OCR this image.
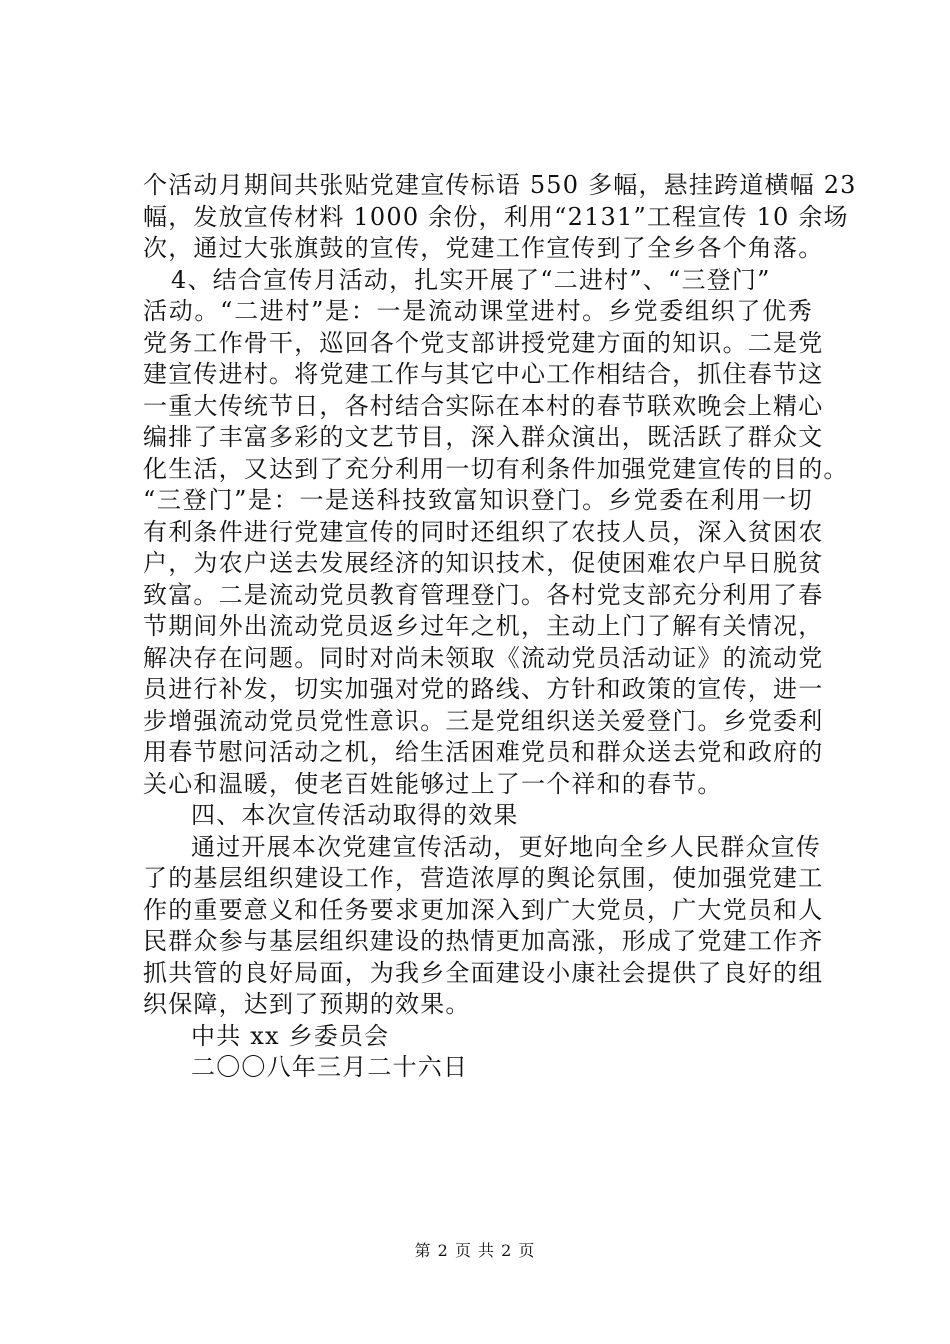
个活动月期间共张贴党建宣传标语 550 多幅，悬挂跨道横幅 23
幅，发放宣传材料 1000 余份，利用“2131”工程宣传 10 余场
次，通过大张旗鼓的宣传，党建工作宣传到了全乡各个角落。
4、结合宣传月活动，扎实开展了“二进村”、“三登门”
活动。“二进村”是：一是流动课堂进村。乡党委组织了优秀
党务工作骨干，巡回各个党支部讲授党建方面的知识。二是党
建宣传进村。将党建工作与其它中心工作相结合，抓住春节这
一重大传统节日，各村结合实际在本村的春节联欢晚会上精心
编排了丰富多彩的文艺节目，深入群众演出，既活跃了群众文
化生活，又达到了充分利用一切有利条件加强党建宣传的目的。
“三登门”是：一是送科技致富知识登门。乡党委在利用一切
有利条件进行党建宣传的同时还组织了农技人员，深入贫困农
户，为农户送去发展经济的知识技术，促使困难农户早日脱贫
致富。二是流动党员教育管理登门。各村党支部充分利用了春
节期间外出流动党员返乡过年之机，主动上门了解有关情况，
解决存在问题。同时对尚未领取《流动党员活动证》的流动党
员进行补发，切实加强对党的路线、方针和政策的宣传，进一
步增强流动党员党性意识。三是党组织送关爱登门。乡党委利
用春节慰问活动之机，给生活困难党员和群众送去党和政府的
关心和温暖，使老百姓能够过上了一个祥和的春节。
四、本次宣传活动取得的效果
通过开展本次党建宣传活动，更好地向全乡人民群众宣传
了的基层组织建设工作，营造浓厚的舆论氛围，使加强党建工
作的重要意义和任务要求更加深入到广大党员，广大党员和人
民群众参与基层组织建设的热情更加高涨，形成了党建工作齐
抓共管的良好局面，为我乡全面建设小康社会提供了良好的组
织保障，达到了预期的效果。
中共 xx 乡委员会
二〇〇八年三月二十六日
第 2 页 共 2 页
